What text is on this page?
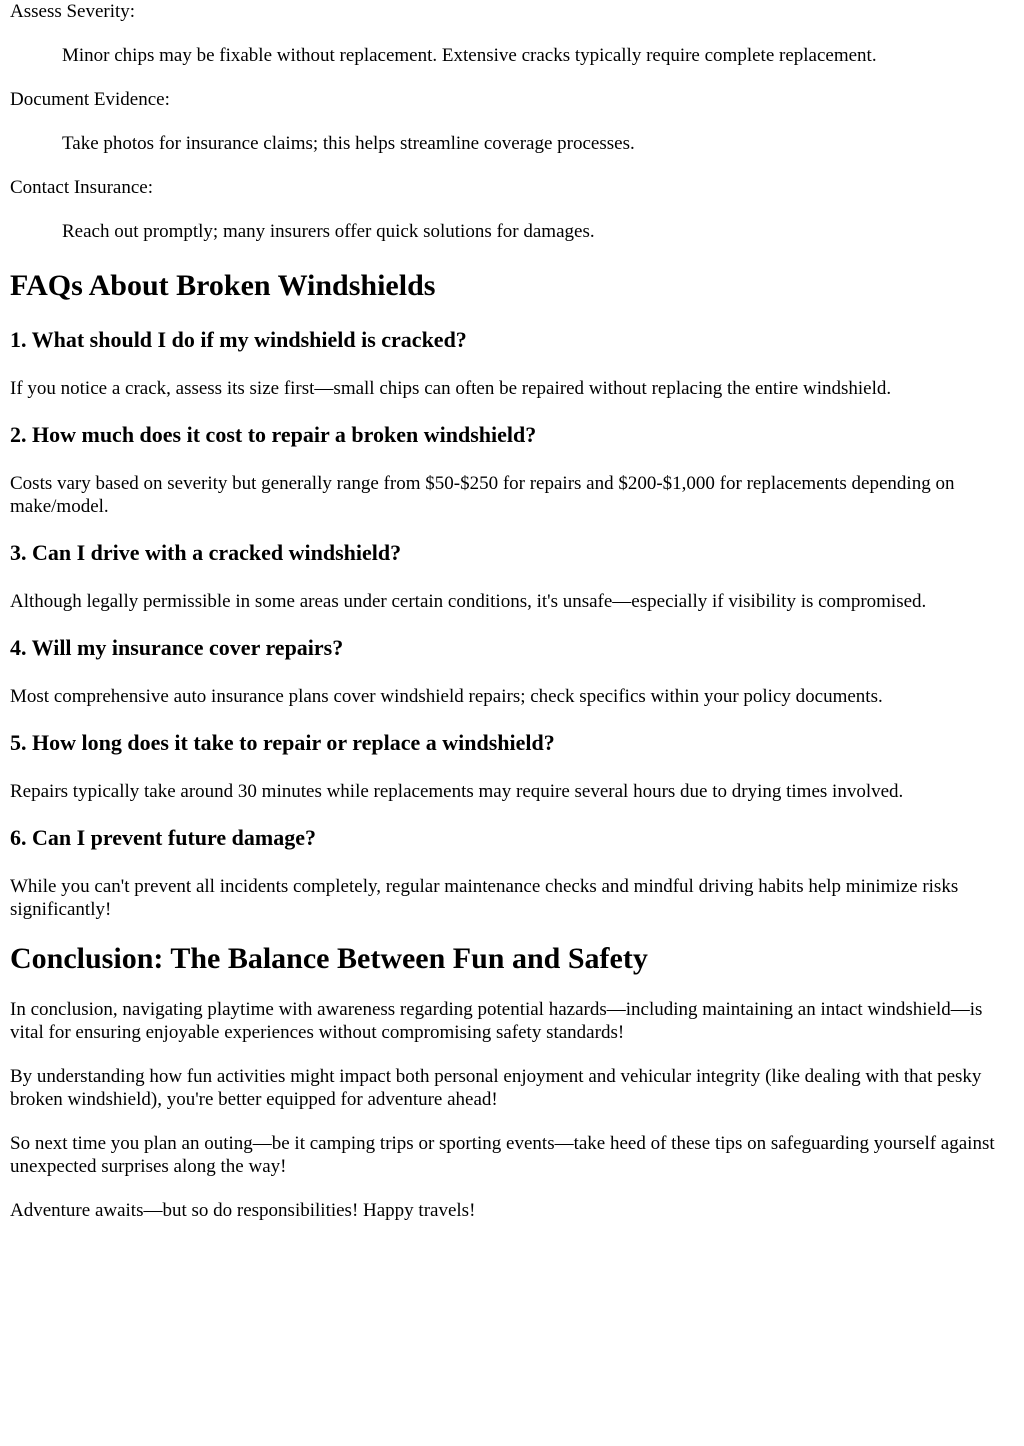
Assess Severity:
Minor chips may be fixable without replacement. Extensive cracks typically require complete replacement.
Document Evidence:
Take photos for insurance claims; this helps streamline coverage processes.
Contact Insurance:
Reach out promptly; many insurers offer quick solutions for damages.
FAQs About Broken Windshields
1. What should I do if my windshield is cracked?

If you notice a crack, assess its size first—small chips can often be repaired without replacing the entire windshield.

2. How much does it cost to repair a broken windshield?

Costs vary based on severity but generally range from $50-$250 for repairs and $200-$1,000 for replacements depending on make/model.

3. Can I drive with a cracked windshield?

Although legally permissible in some areas under certain conditions, it's unsafe—especially if visibility is compromised.

4. Will my insurance cover repairs?

Most comprehensive auto insurance plans cover windshield repairs; check specifics within your policy documents.

5. How long does it take to repair or replace a windshield?

Repairs typically take around 30 minutes while replacements may require several hours due to drying times involved.

6. Can I prevent future damage?

While you can't prevent all incidents completely, regular maintenance checks and mindful driving habits help minimize risks significantly!

Conclusion: The Balance Between Fun and Safety

In conclusion, navigating playtime with awareness regarding potential hazards—including maintaining an intact windshield—is vital for ensuring enjoyable experiences without compromising safety standards!

By understanding how fun activities might impact both personal enjoyment and vehicular integrity (like dealing with that pesky broken windshield), you're better equipped for adventure ahead!

So next time you plan an outing—be it camping trips or sporting events—take heed of these tips on safeguarding yourself against unexpected surprises along the way!

Adventure awaits—but so do responsibilities! Happy travels!
